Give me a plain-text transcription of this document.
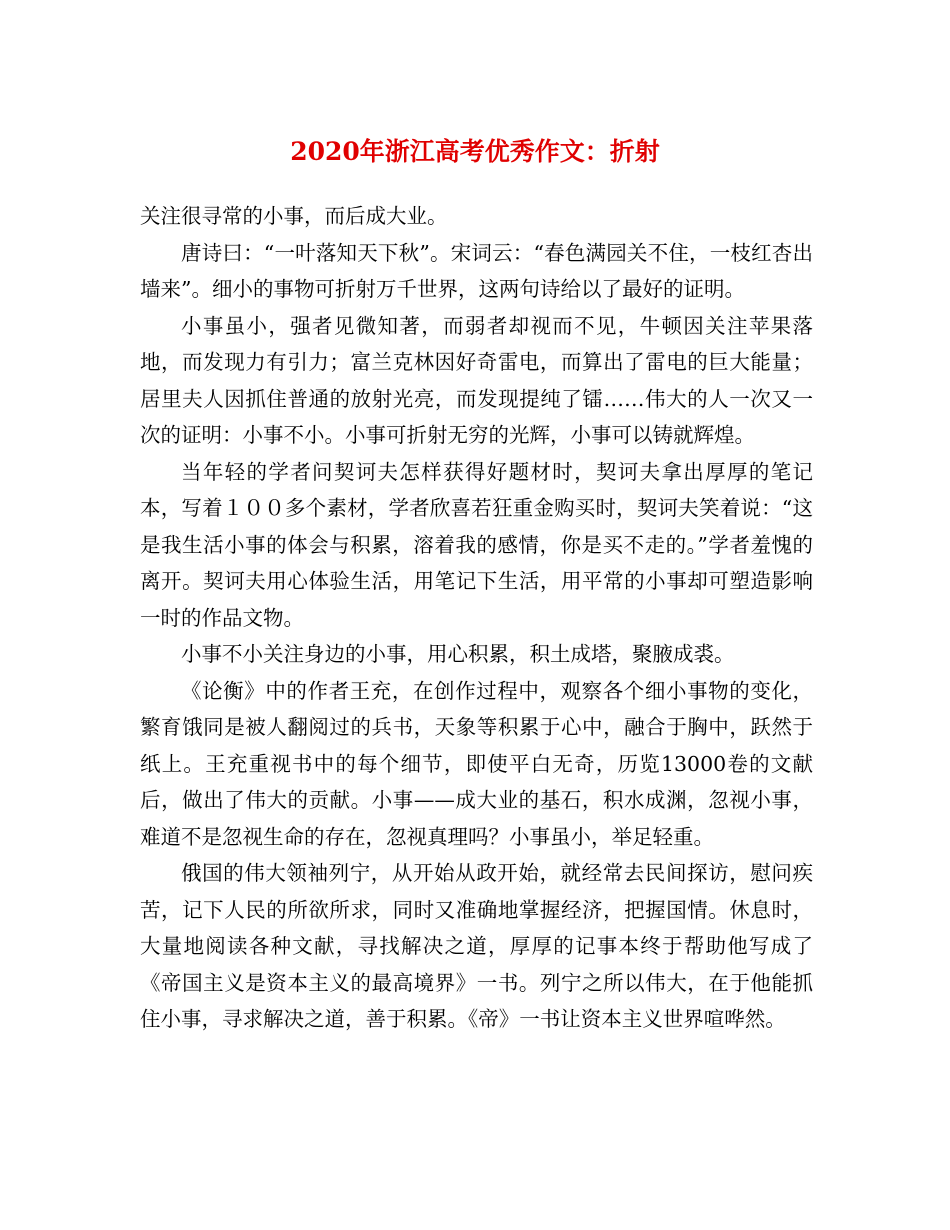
2020年浙江高考优秀作文：折射

关注很寻常的小事，而后成大业。

唐诗曰：“一叶落知天下秋”。宋词云：“春色满园关不住，一枝红杏出墙来”。细小的事物可折射万千世界，这两句诗给以了最好的证明。

小事虽小，强者见微知著，而弱者却视而不见，牛顿因关注苹果落地，而发现力有引力；富兰克林因好奇雷电，而算出了雷电的巨大能量；居里夫人因抓住普通的放射光亮，而发现提纯了镭……伟大的人一次又一次的证明：小事不小。小事可折射无穷的光辉，小事可以铸就辉煌。

当年轻的学者问契诃夫怎样获得好题材时，契诃夫拿出厚厚的笔记本，写着１００多个素材，学者欣喜若狂重金购买时，契诃夫笑着说：“这是我生活小事的体会与积累，溶着我的感情，你是买不走的。”学者羞愧的离开。契诃夫用心体验生活，用笔记下生活，用平常的小事却可塑造影响一时的作品文物。

小事不小关注身边的小事，用心积累，积土成塔，聚腋成裘。

《论衡》中的作者王充，在创作过程中，观察各个细小事物的变化，繁育饿同是被人翻阅过的兵书，天象等积累于心中，融合于胸中，跃然于纸上。王充重视书中的每个细节，即使平白无奇，历览13000卷的文献后，做出了伟大的贡献。小事——成大业的基石，积水成渊，忽视小事，难道不是忽视生命的存在，忽视真理吗？小事虽小，举足轻重。

俄国的伟大领袖列宁，从开始从政开始，就经常去民间探访，慰问疾苦，记下人民的所欲所求，同时又准确地掌握经济，把握国情。休息时，大量地阅读各种文献，寻找解决之道，厚厚的记事本终于帮助他写成了《帝国主义是资本主义的最高境界》一书。列宁之所以伟大，在于他能抓住小事，寻求解决之道，善于积累。《帝》一书让资本主义世界喧哗然。
